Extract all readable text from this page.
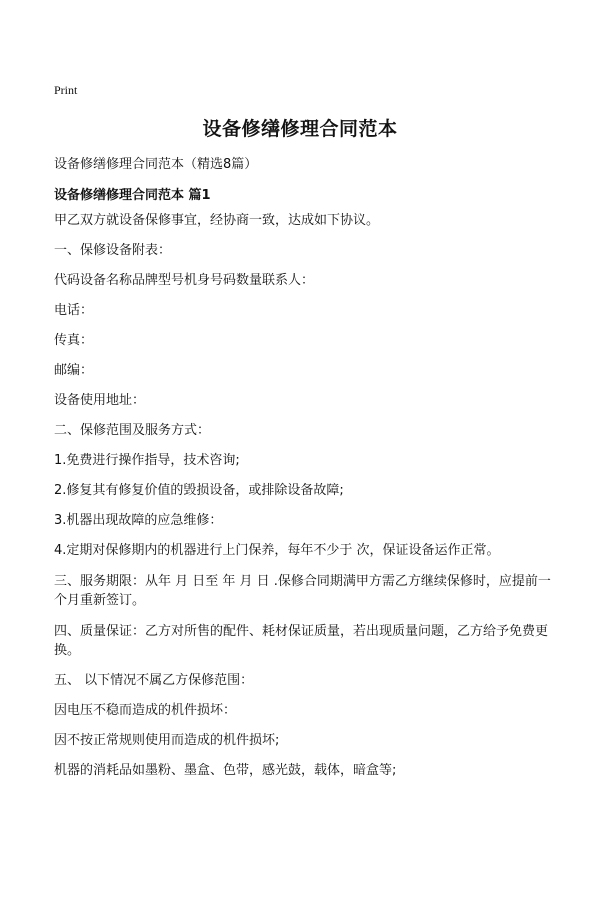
Print
设备修缮修理合同范本
设备修缮修理合同范本（精选8篇）
设备修缮修理合同范本 篇1

甲乙双方就设备保修事宜，经协商一致，达成如下协议。

一、保修设备附表：

代码设备名称品牌型号机身号码数量联系人：

电话：

传真：

邮编：

设备使用地址：

二、保修范围及服务方式：

1.免费进行操作指导，技术咨询;

2.修复其有修复价值的毁损设备，或排除设备故障;

3.机器出现故障的应急维修：

4.定期对保修期内的机器进行上门保养，每年不少于 次，保证设备运作正常。

三、服务期限：从年 月 日至 年 月 日 .保修合同期满甲方需乙方继续保修时，应提前一个月重新签订。

四、质量保证：乙方对所售的配件、耗材保证质量，若出现质量问题，乙方给予免费更换。

五、 以下情况不属乙方保修范围：

因电压不稳而造成的机件损坏：

因不按正常规则使用而造成的机件损坏;

机器的消耗品如墨粉、墨盒、色带，感光鼓，载体，暗盒等;
